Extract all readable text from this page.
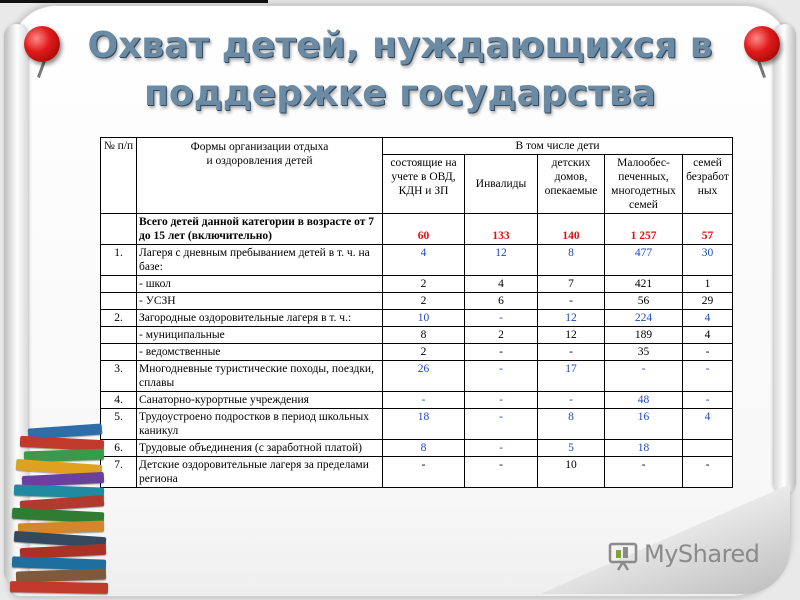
Охват детей, нуждающихся в поддержке государства
№ п/п	Формы организации отдыха и оздоровления детей	В том числе дети				
		состоящие на учете в ОВД, КДН и ЗП	Инвалиды	детских домов, опекаемые	Малообес-печенных, многодетных семей	семей безработ ных
	Всего детей данной категории в возрасте от 7 до 15 лет (включительно)	60	133	140	1 257	57
1.	Лагеря с дневным пребыванием детей в т. ч. на базе:	4	12	8	477	30
	- школ	2	4	7	421	1
	- УСЗН	2	6	-	56	29
2.	Загородные оздоровительные лагеря в т. ч.:	10	-	12	224	4
	- муниципальные	8	2	12	189	4
	- ведомственные	2	-	-	35	-
3.	Многодневные туристические походы, поездки, сплавы	26	-	17	-	-
4.	Санаторно-курортные учреждения	-	-	-	48	-
5.	Трудоустроено подростков в период школьных каникул	18	-	8	16	4
6.	Трудовые объединения (с заработной платой)	8	-	5	18	
7.	Детские оздоровительные лагеря за пределами региона	-	-	10	-	-
MyShared
